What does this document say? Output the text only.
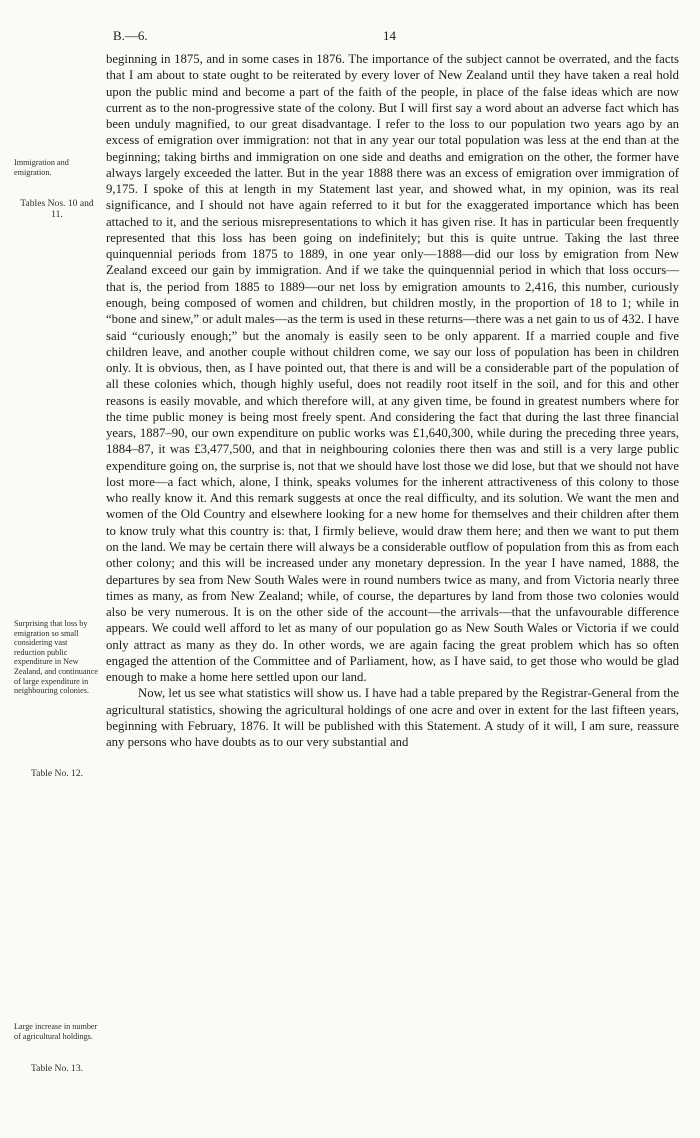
B.—6.	14
Immigration and emigration.
Tables Nos. 10 and 11.
Surprising that loss by emigration so small considering vast reduction public expenditure in New Zealand, and continuance of large expenditure in neighbouring colonies.
Table No. 12.
Large increase in number of agricultural holdings.
Table No. 13.

beginning in 1875, and in some cases in 1876. The importance of the subject cannot be overrated, and the facts that I am about to state ought to be reiterated by every lover of New Zealand until they have taken a real hold upon the public mind and become a part of the faith of the people, in place of the false ideas which are now current as to the non-progressive state of the colony. But I will first say a word about an adverse fact which has been unduly magnified, to our great disadvantage. I refer to the loss to our population two years ago by an excess of emigration over immigration: not that in any year our total population was less at the end than at the beginning; taking births and immigration on one side and deaths and emigration on the other, the former have always largely exceeded the latter. But in the year 1888 there was an excess of emigration over immigration of 9,175. I spoke of this at length in my Statement last year, and showed what, in my opinion, was its real significance, and I should not have again referred to it but for the exaggerated importance which has been attached to it, and the serious misrepresentations to which it has given rise. It has in particular been frequently represented that this loss has been going on indefinitely; but this is quite untrue. Taking the last three quinquennial periods from 1875 to 1889, in one year only—1888—did our loss by emigration from New Zealand exceed our gain by immigration. And if we take the quinquennial period in which that loss occurs—that is, the period from 1885 to 1889—our net loss by emigration amounts to 2,416, this number, curiously enough, being composed of women and children, but children mostly, in the proportion of 18 to 1; while in “bone and sinew,” or adult males—as the term is used in these returns—there was a net gain to us of 432. I have said “curiously enough;” but the anomaly is easily seen to be only apparent. If a married couple and five children leave, and another couple without children come, we say our loss of population has been in children only. It is obvious, then, as I have pointed out, that there is and will be a considerable part of the population of all these colonies which, though highly useful, does not readily root itself in the soil, and for this and other reasons is easily movable, and which therefore will, at any given time, be found in greatest numbers where for the time public money is being most freely spent. And considering the fact that during the last three financial years, 1887–90, our own expenditure on public works was £1,640,300, while during the preceding three years, 1884–87, it was £3,477,500, and that in neighbouring colonies there then was and still is a very large public expenditure going on, the surprise is, not that we should have lost those we did lose, but that we should not have lost more—a fact which, alone, I think, speaks volumes for the inherent attractiveness of this colony to those who really know it. And this remark suggests at once the real difficulty, and its solution. We want the men and women of the Old Country and elsewhere looking for a new home for themselves and their children after them to know truly what this country is: that, I firmly believe, would draw them here; and then we want to put them on the land. We may be certain there will always be a considerable outflow of population from this as from each other colony; and this will be increased under any monetary depression. In the year I have named, 1888, the departures by sea from New South Wales were in round numbers twice as many, and from Victoria nearly three times as many, as from New Zealand; while, of course, the departures by land from those two colonies would also be very numerous. It is on the other side of the account—the arrivals—that the unfavourable difference appears. We could well afford to let as many of our population go as New South Wales or Victoria if we could only attract as many as they do. In other words, we are again facing the great problem which has so often engaged the attention of the Committee and of Parliament, how, as I have said, to get those who would be glad enough to make a home here settled upon our land.

Now, let us see what statistics will show us. I have had a table prepared by the Registrar-General from the agricultural statistics, showing the agricultural holdings of one acre and over in extent for the last fifteen years, beginning with February, 1876. It will be published with this Statement. A study of it will, I am sure, reassure any persons who have doubts as to our very substantial and
